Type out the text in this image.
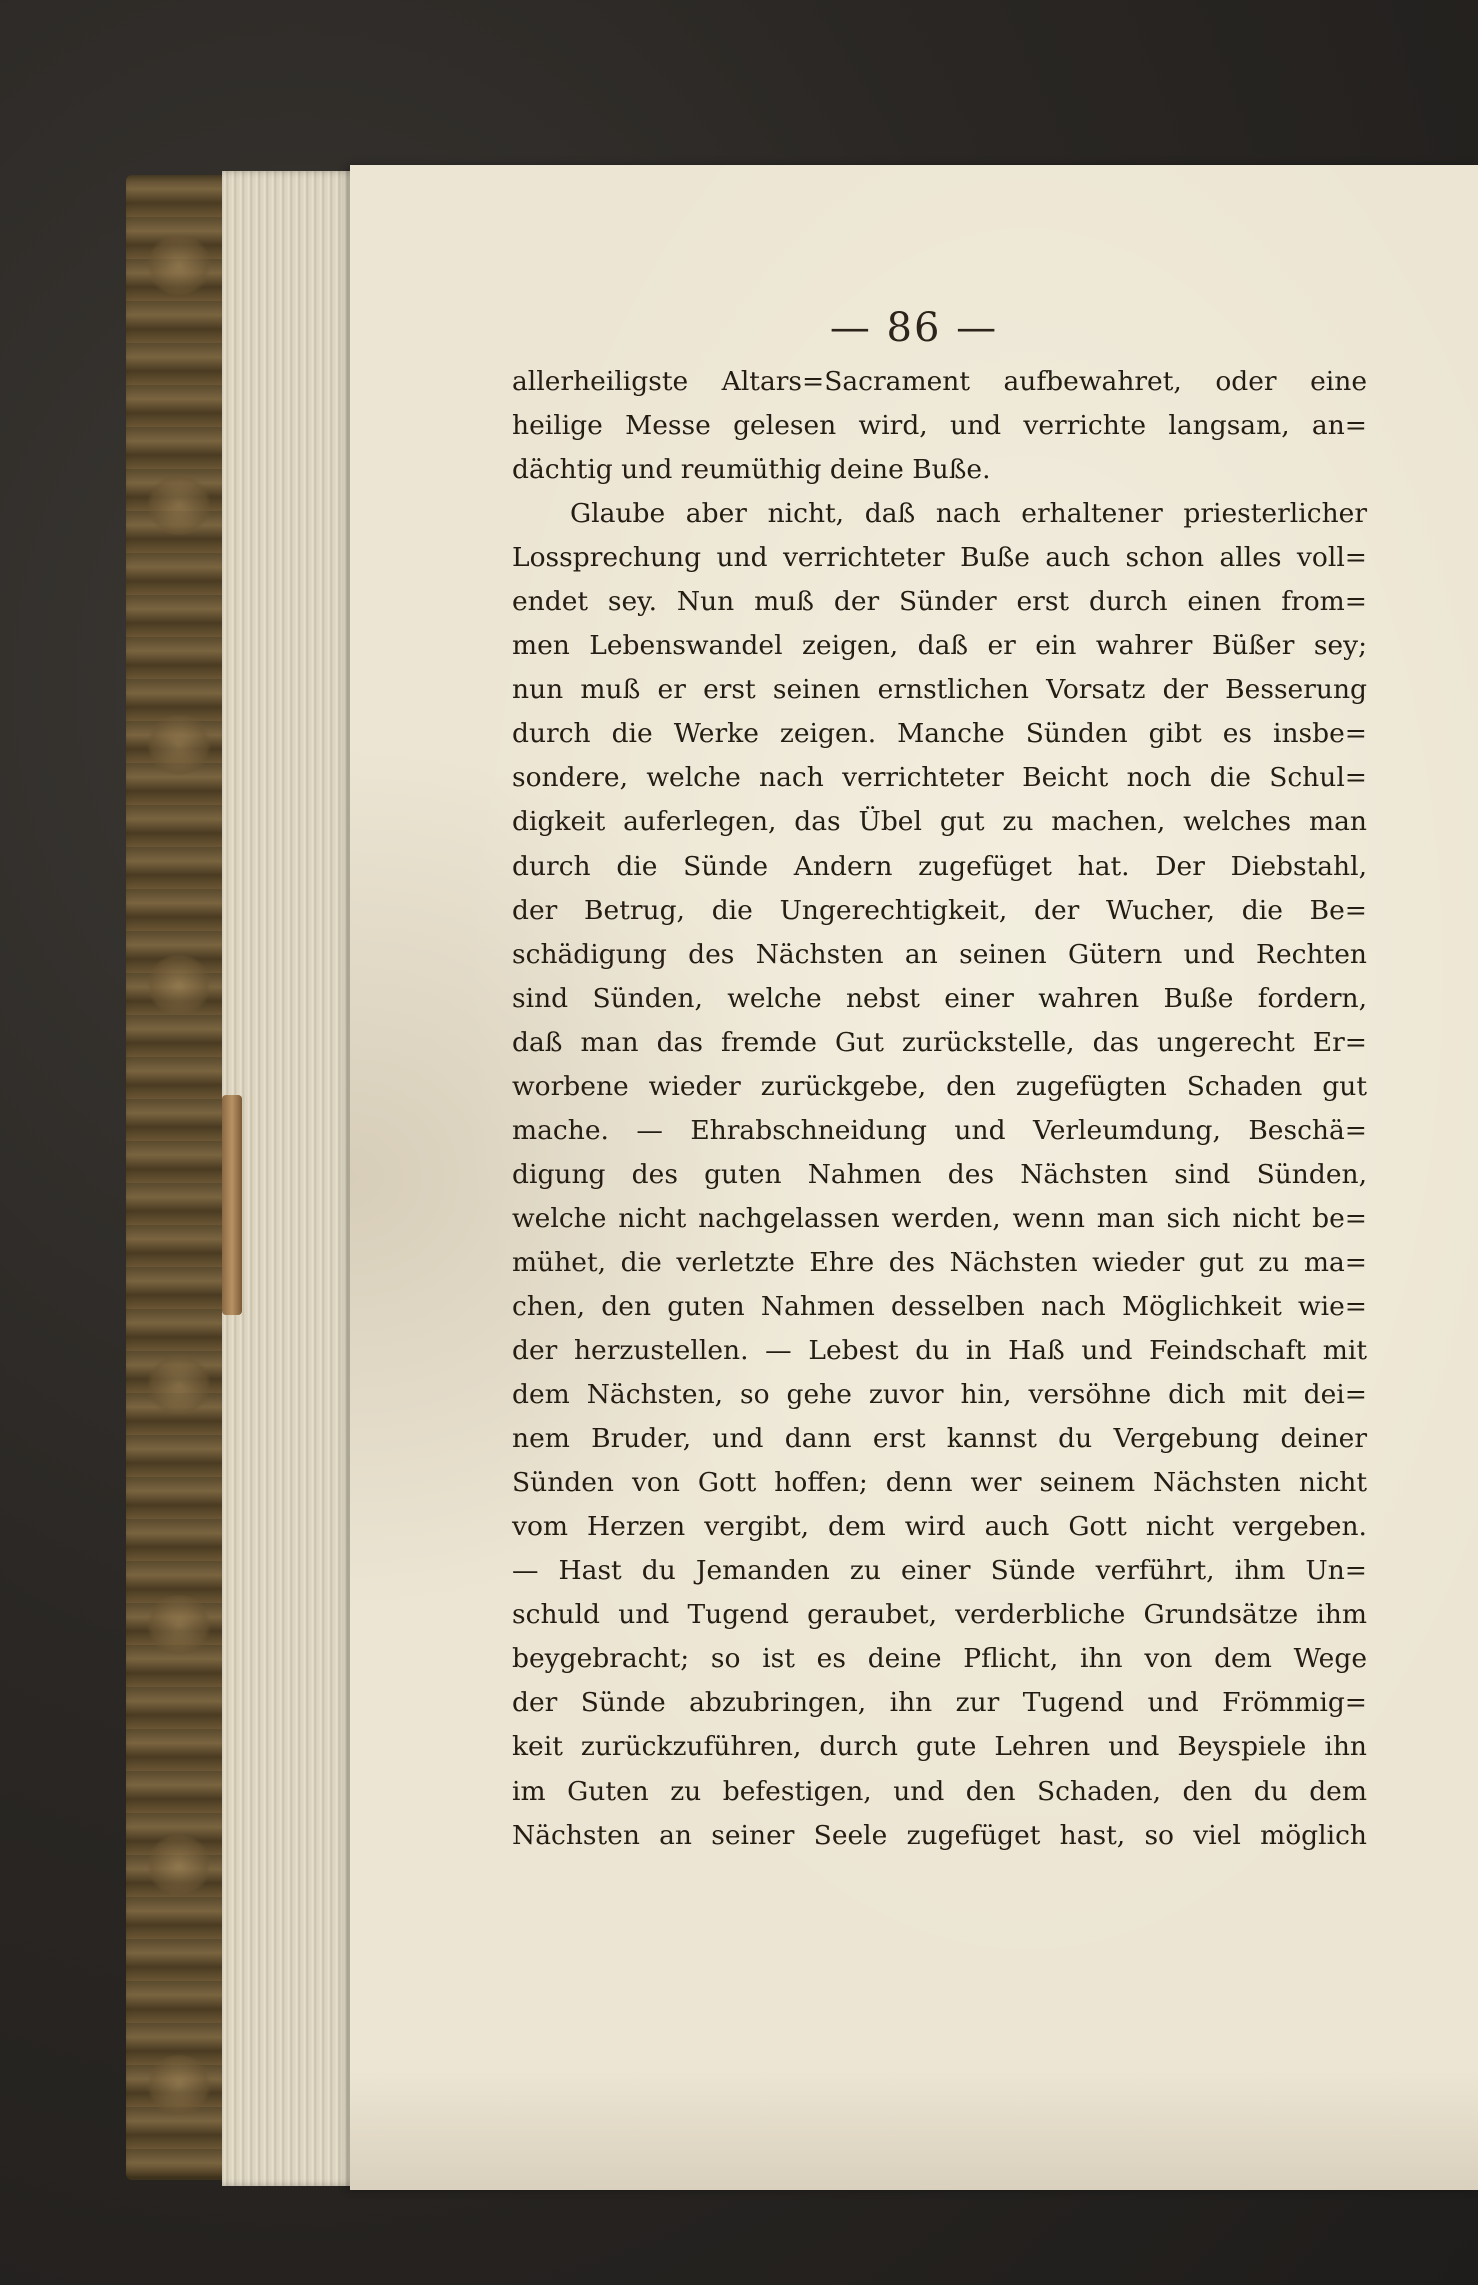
— 86 —
allerheiligste Altars=Sacrament aufbewahret, oder eine
heilige Messe gelesen wird, und verrichte langsam, an=
dächtig und reumüthig deine Buße.
Glaube aber nicht, daß nach erhaltener priesterlicher
Lossprechung und verrichteter Buße auch schon alles voll=
endet sey. Nun muß der Sünder erst durch einen from=
men Lebenswandel zeigen, daß er ein wahrer Büßer sey;
nun muß er erst seinen ernstlichen Vorsatz der Besserung
durch die Werke zeigen. Manche Sünden gibt es insbe=
sondere, welche nach verrichteter Beicht noch die Schul=
digkeit auferlegen, das Übel gut zu machen, welches man
durch die Sünde Andern zugefüget hat. Der Diebstahl,
der Betrug, die Ungerechtigkeit, der Wucher, die Be=
schädigung des Nächsten an seinen Gütern und Rechten
sind Sünden, welche nebst einer wahren Buße fordern,
daß man das fremde Gut zurückstelle, das ungerecht Er=
worbene wieder zurückgebe, den zugefügten Schaden gut
mache. — Ehrabschneidung und Verleumdung, Beschä=
digung des guten Nahmen des Nächsten sind Sünden,
welche nicht nachgelassen werden, wenn man sich nicht be=
mühet, die verletzte Ehre des Nächsten wieder gut zu ma=
chen, den guten Nahmen desselben nach Möglichkeit wie=
der herzustellen. — Lebest du in Haß und Feindschaft mit
dem Nächsten, so gehe zuvor hin, versöhne dich mit dei=
nem Bruder, und dann erst kannst du Vergebung deiner
Sünden von Gott hoffen; denn wer seinem Nächsten nicht
vom Herzen vergibt, dem wird auch Gott nicht vergeben.
— Hast du Jemanden zu einer Sünde verführt, ihm Un=
schuld und Tugend geraubet, verderbliche Grundsätze ihm
beygebracht; so ist es deine Pflicht, ihn von dem Wege
der Sünde abzubringen, ihn zur Tugend und Frömmig=
keit zurückzuführen, durch gute Lehren und Beyspiele ihn
im Guten zu befestigen, und den Schaden, den du dem
Nächsten an seiner Seele zugefüget hast, so viel möglich
